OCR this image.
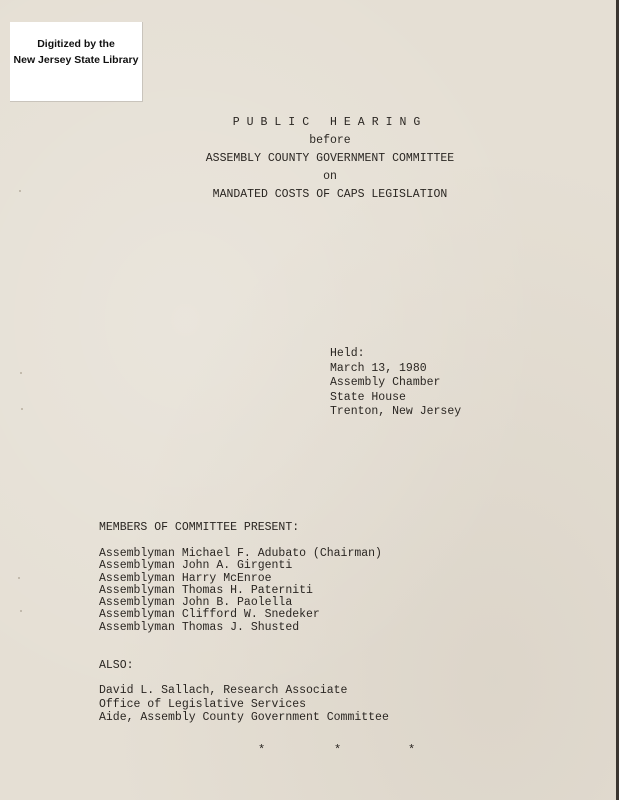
Digitized by the
New Jersey State Library
PUBLIC HEARING
before
ASSEMBLY COUNTY GOVERNMENT COMMITTEE
on
MANDATED COSTS OF CAPS LEGISLATION
Held:
March 13, 1980
Assembly Chamber
State House
Trenton, New Jersey
MEMBERS OF COMMITTEE PRESENT:
Assemblyman Michael F. Adubato (Chairman)
Assemblyman John A. Girgenti
Assemblyman Harry McEnroe
Assemblyman Thomas H. Paterniti
Assemblyman John B. Paolella
Assemblyman Clifford W. Snedeker
Assemblyman Thomas J. Shusted
ALSO:
David L. Sallach, Research Associate
Office of Legislative Services
Aide, Assembly County Government Committee
*	*	*
